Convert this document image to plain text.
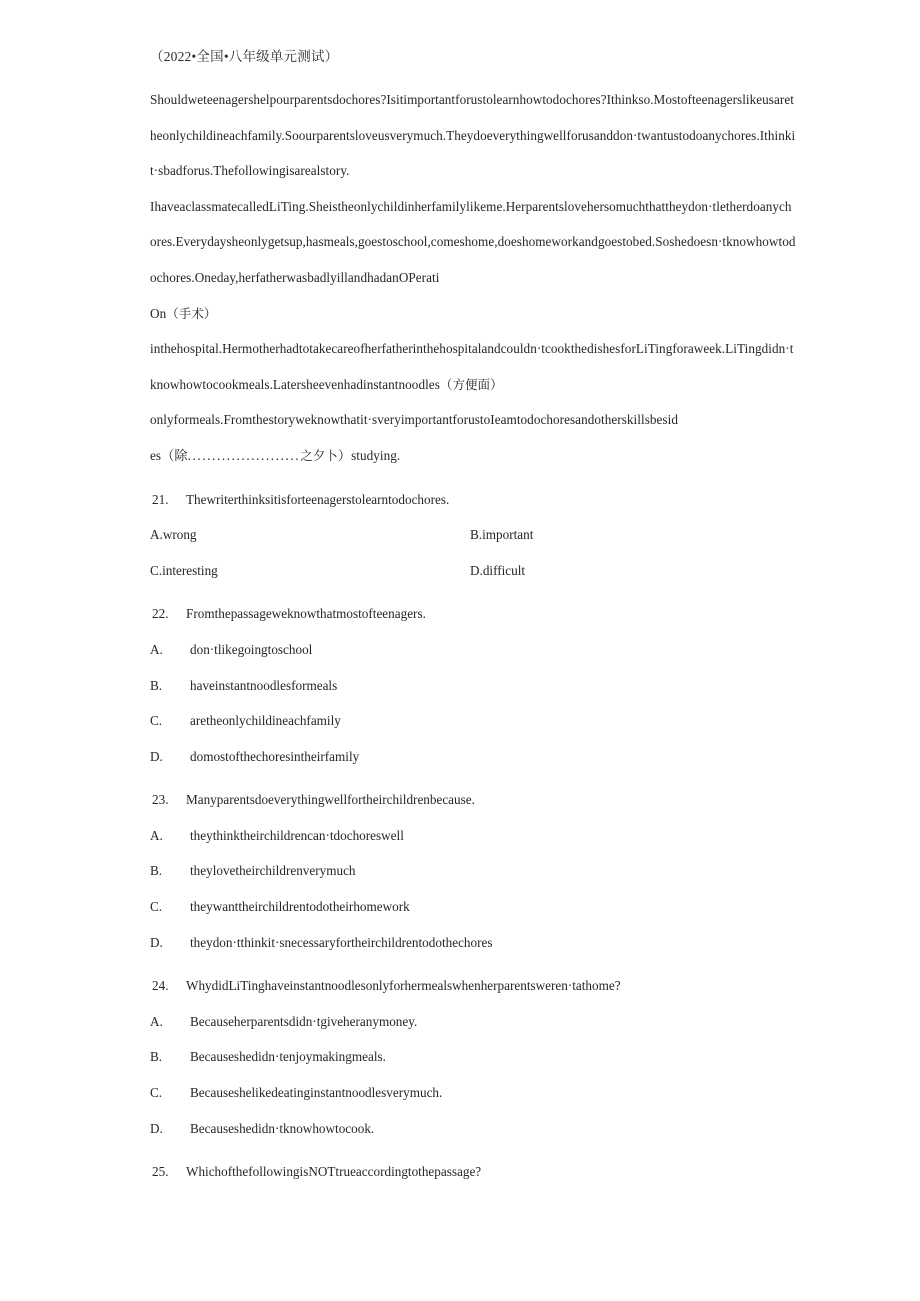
（2022•全国•八年级单元测试）

Shouldweteenagershelpourparentsdochores?Isitimportantforustolearnhowtodochores?Ithinkso.Mostofteenagerslikeusaretheonlychildineachfamily.Soourparentsloveusverymuch.Theydoeverythingwellforusanddon·twantustodoanychores.Ithinkit·sbadforus.Thefollowingisarealstory.

IhaveaclassmatecalledLiTing.Sheistheonlychildinherfamilylikeme.Herparentslovehersomuchthattheydon·tletherdoanychores.Everydaysheonlygetsup,hasmeals,goestoschool,comeshome,doeshomeworkandgoestobed.Soshedoesn·tknowhowtodochores.Oneday,herfatherwasbadlyillandhadanOPerati

On（手术）

inthehospital.Hermotherhadtotakecareofherfatherinthehospitalandcouldn·tcookthedishesforLiTingforaweek.LiTingdidn·tknowhowtocookmeals.Latersheevenhadinstantnoodles（方便面）

onlyformeals.Fromthestoryweknowthatit·sveryimportantforustoIeamtodochoresandotherskillsbesid

es（除.......................之夕卜）studying.

21. Thewriterthinksitisforteenagerstolearntodochores.
A.wrong	B.important
C.interesting	D.difficult
22. Fromthepassageweknowthatmostofteenagers.
A.	don·tlikegoingtoschool
B.	haveinstantnoodlesformeals
C.	aretheonlychildineachfamily
D.	domostofthechoresintheirfamily
23. Manyparentsdoeverythingwellfortheirchildrenbecause.
A.	theythinktheirchildrencan·tdochoreswell
B.	theylovetheirchildrenverymuch
C.	theywanttheirchildrentodotheirhomework
D.	theydon·tthinkit·snecessaryfortheirchildrentodothechores
24. WhydidLiTinghaveinstantnoodlesonlyforhermealswhenherparentsweren·tathome?
A.	Becauseherparentsdidn·tgiveheranymoney.
B.	Becauseshedidn·tenjoymakingmeals.
C.	Becauseshelikedeatinginstantnoodlesverymuch.
D.	Becauseshedidn·tknowhowtocook.
25. WhichofthefollowingisNOTtrueaccordingtothepassage?
